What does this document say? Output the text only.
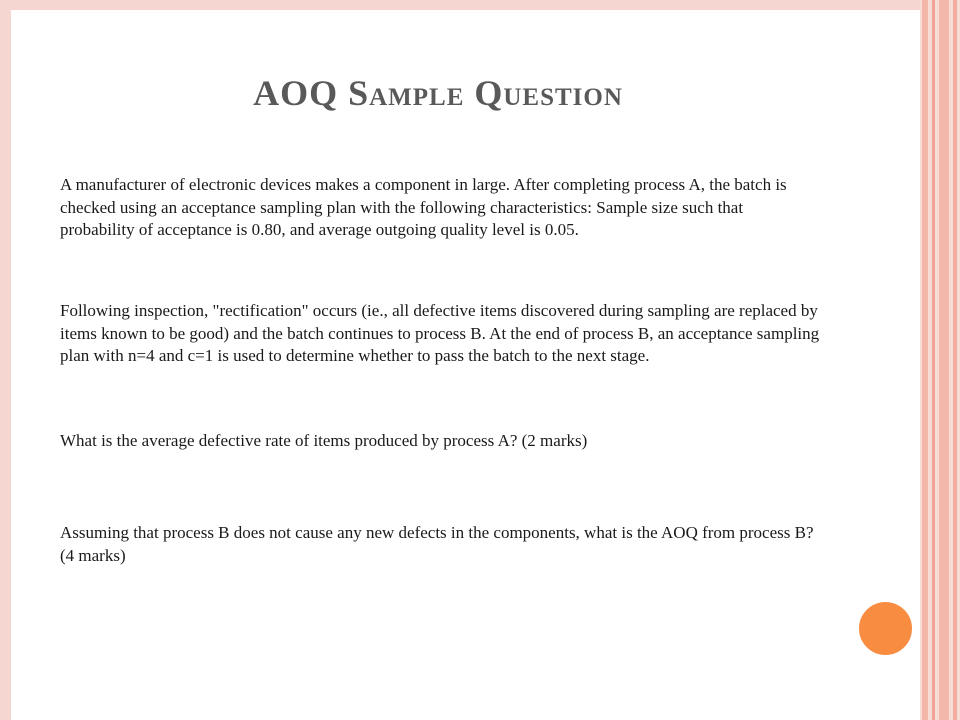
AOQ Sample Question

A manufacturer of electronic devices makes a component in large. After completing process A, the batch is checked using an acceptance sampling plan with the following characteristics: Sample size such that probability of acceptance is 0.80, and average outgoing quality level is 0.05.

Following inspection, "rectification" occurs (ie., all defective items discovered during sampling are replaced by items known to be good) and the batch continues to process B. At the end of process B, an acceptance sampling plan with n=4 and c=1 is used to determine whether to pass the batch to the next stage.

What is the average defective rate of items produced by process A? (2 marks)

Assuming that process B does not cause any new defects in the components, what is the AOQ from process B? (4 marks)
